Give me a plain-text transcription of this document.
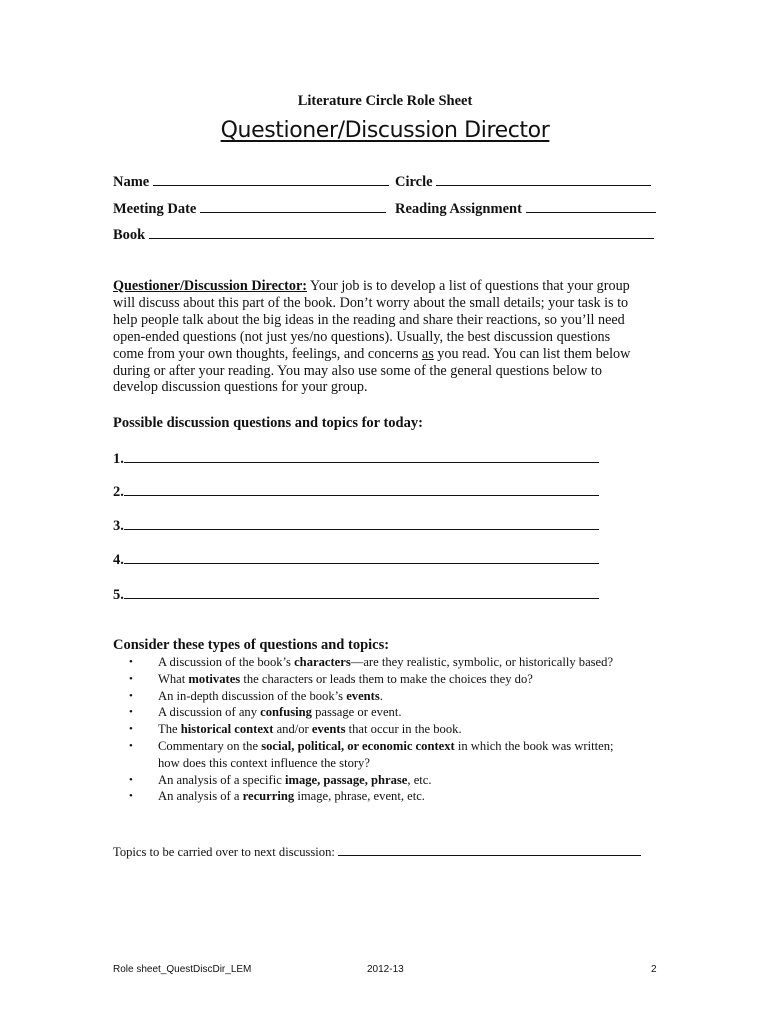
Literature Circle Role Sheet
Questioner/Discussion Director
Name	Circle
Meeting Date	Reading Assignment
Book
Questioner/Discussion Director: Your job is to develop a list of questions that your group
will discuss about this part of the book. Don’t worry about the small details; your task is to
help people talk about the big ideas in the reading and share their reactions, so you’ll need
open-ended questions (not just yes/no questions). Usually, the best discussion questions
come from your own thoughts, feelings, and concerns as you read. You can list them below
during or after your reading. You may also use some of the general questions below to
develop discussion questions for your group.
Possible discussion questions and topics for today:
1.
2.
3.
4.
5.
Consider these types of questions and topics:
•	A discussion of the book’s characters—are they realistic, symbolic, or historically based?
•	What motivates the characters or leads them to make the choices they do?
•	An in-depth discussion of the book’s events.
•	A discussion of any confusing passage or event.
•	The historical context and/or events that occur in the book.
•	Commentary on the social, political, or economic context in which the book was written;
how does this context influence the story?
•	An analysis of a specific image, passage, phrase, etc.
•	An analysis of a recurring image, phrase, event, etc.
Topics to be carried over to next discussion:
Role sheet_QuestDiscDir_LEM	2012-13	2
